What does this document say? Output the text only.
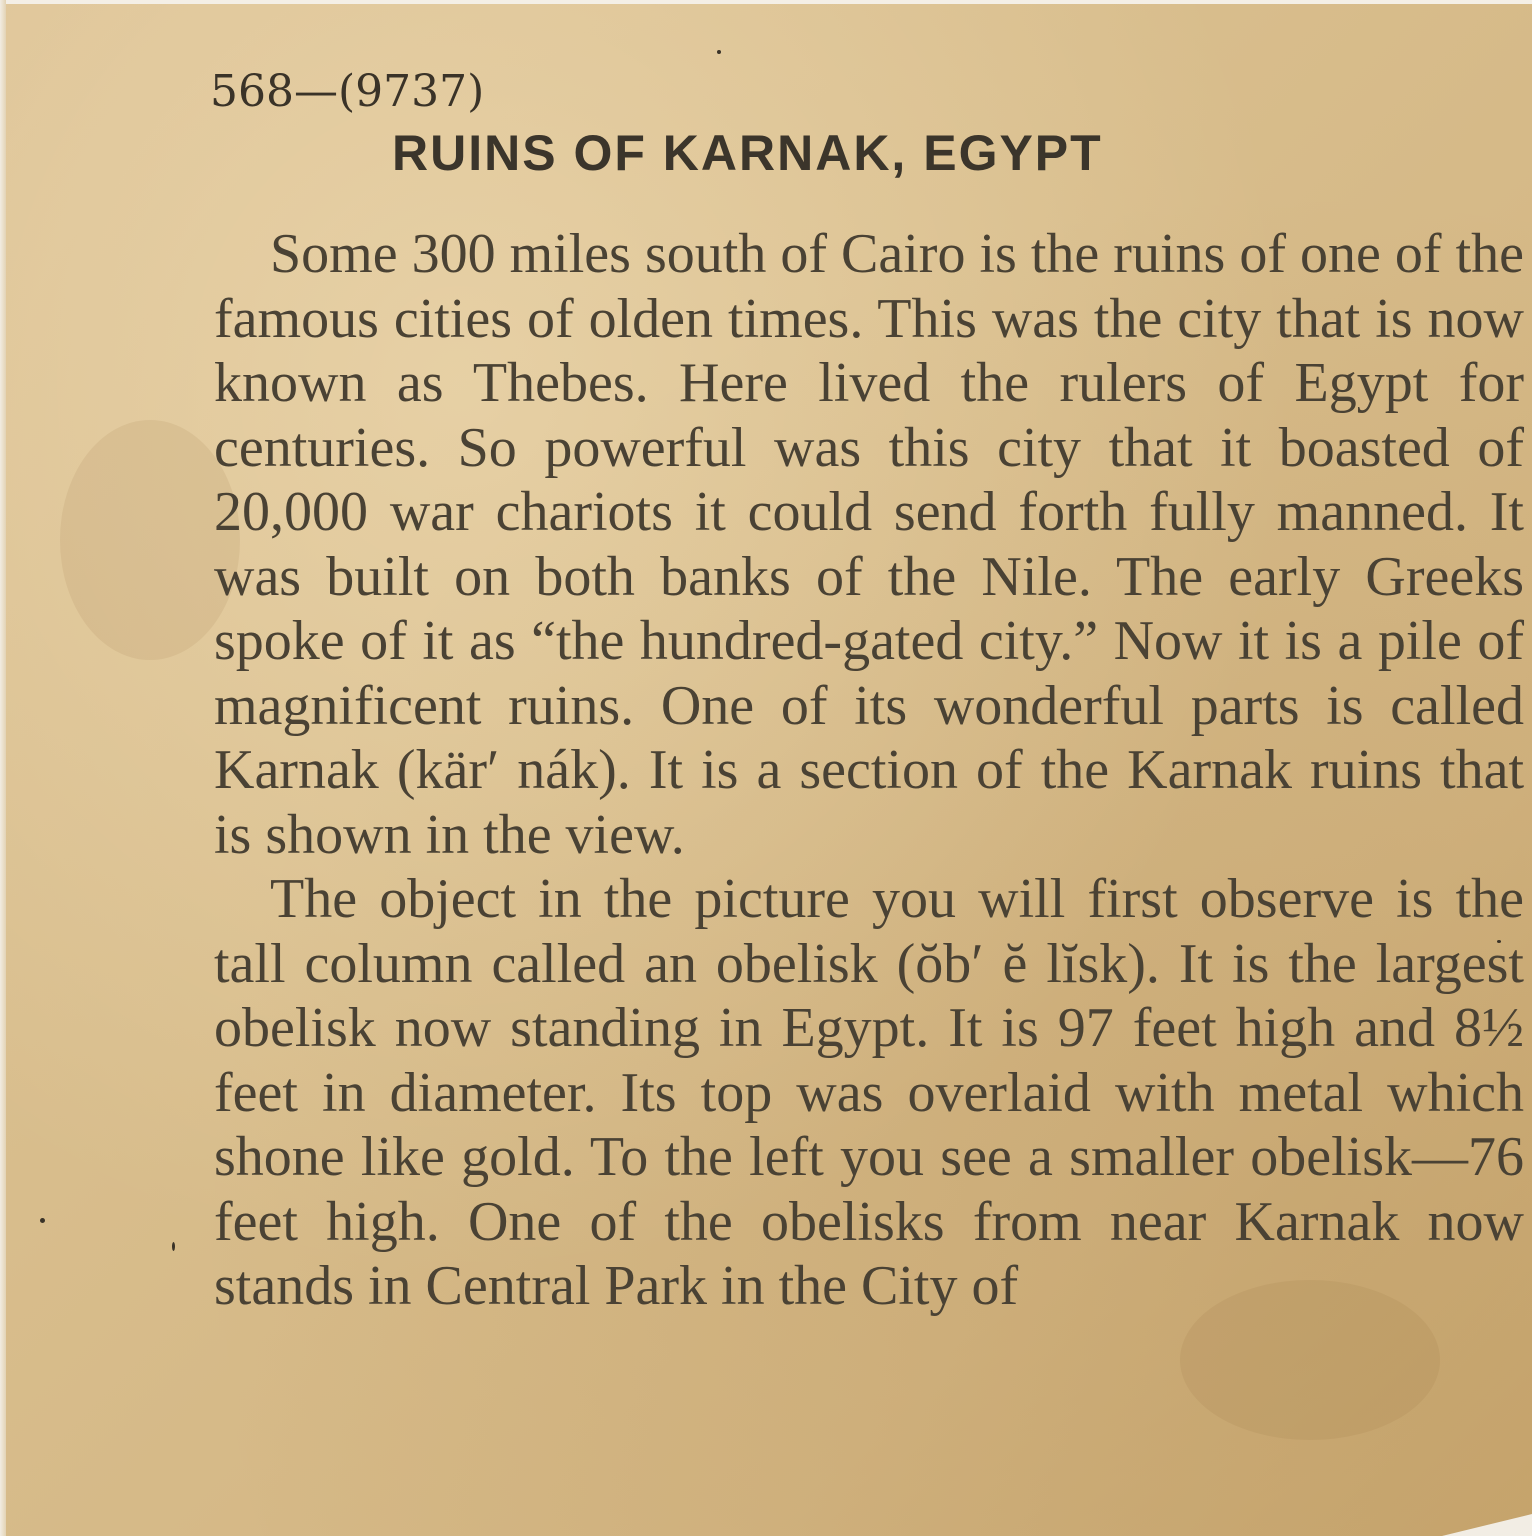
568—(9737)
RUINS OF KARNAK, EGYPT

Some 300 miles south of Cairo is the ruins of one of the famous cities of olden times. This was the city that is now known as Thebes. Here lived the rulers of Egypt for centuries. So powerful was this city that it boasted of 20,000 war chariots it could send forth fully manned. It was built on both banks of the Nile. The early Greeks spoke of it as “the hundred-gated city.” Now it is a pile of magnificent ruins. One of its wonderful parts is called Karnak (kär′ nák). It is a section of the Karnak ruins that is shown in the view.

The object in the picture you will first observe is the tall column called an obelisk (ŏb′ ĕ lĭsk). It is the largest obelisk now standing in Egypt. It is 97 feet high and 8½ feet in diameter. Its top was overlaid with metal which shone like gold. To the left you see a smaller obelisk—76 feet high. One of the obelisks from near Karnak now stands in Central Park in the City of
